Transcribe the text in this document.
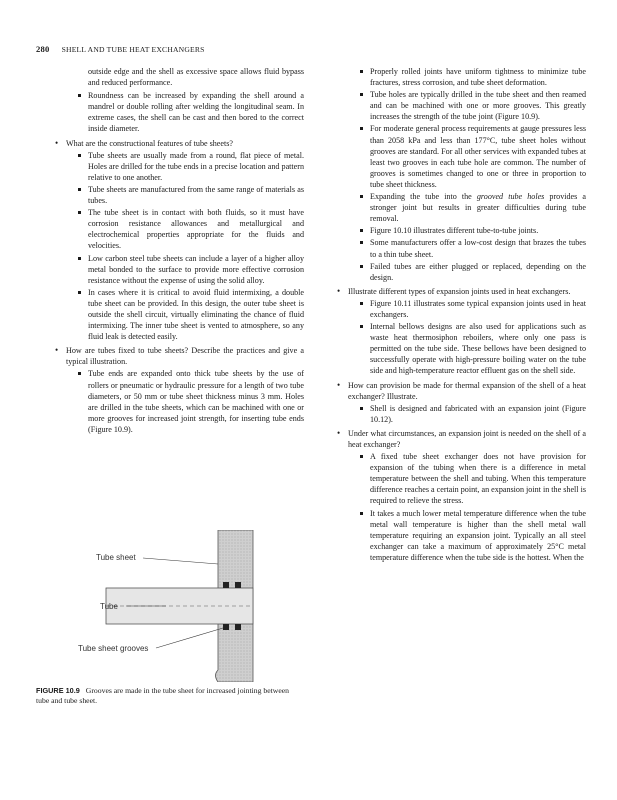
280 SHELL AND TUBE HEAT EXCHANGERS

outside edge and the shell as excessive space allows fluid bypass and reduced performance.

Roundness can be increased by expanding the shell around a mandrel or double rolling after welding the longitudinal seam. In extreme cases, the shell can be cast and then bored to the correct inside diameter.

• What are the constructional features of tube sheets?

Tube sheets are usually made from a round, flat piece of metal. Holes are drilled for the tube ends in a precise location and pattern relative to one another.

Tube sheets are manufactured from the same range of materials as tubes.

The tube sheet is in contact with both fluids, so it must have corrosion resistance allowances and metallurgical and electrochemical properties appropriate for the fluids and velocities.

Low carbon steel tube sheets can include a layer of a higher alloy metal bonded to the surface to provide more effective corrosion resistance without the expense of using the solid alloy.

In cases where it is critical to avoid fluid intermixing, a double tube sheet can be provided. In this design, the outer tube sheet is outside the shell circuit, virtually eliminating the chance of fluid intermixing. The inner tube sheet is vented to atmosphere, so any fluid leak is detected easily.

• How are tubes fixed to tube sheets? Describe the practices and give a typical illustration.

Tube ends are expanded onto thick tube sheets by the use of rollers or pneumatic or hydraulic pressure for a length of two tube diameters, or 50 mm or tube sheet thickness minus 3 mm. Holes are drilled in the tube sheets, which can be machined with one or more grooves for increased joint strength, for inserting tube ends (Figure 10.9).

Tube sheet
Tube
Tube sheet grooves
FIGURE 10.9 Grooves are made in the tube sheet for increased jointing between tube and tube sheet.

Properly rolled joints have uniform tightness to minimize tube fractures, stress corrosion, and tube sheet deformation.

Tube holes are typically drilled in the tube sheet and then reamed and can be machined with one or more grooves. This greatly increases the strength of the tube joint (Figure 10.9).

For moderate general process requirements at gauge pressures less than 2058 kPa and less than 177°C, tube sheet holes without grooves are standard. For all other services with expanded tubes at least two grooves in each tube hole are common. The number of grooves is sometimes changed to one or three in proportion to tube sheet thickness.

Expanding the tube into the grooved tube holes provides a stronger joint but results in greater difficulties during tube removal.

Figure 10.10 illustrates different tube-to-tube joints.

Some manufacturers offer a low-cost design that brazes the tubes to a thin tube sheet.

Failed tubes are either plugged or replaced, depending on the design.

• Illustrate different types of expansion joints used in heat exchangers.

Figure 10.11 illustrates some typical expansion joints used in heat exchangers.

Internal bellows designs are also used for applications such as waste heat thermosiphon reboilers, where only one pass is permitted on the tube side. These bellows have been designed to successfully operate with high-pressure boiling water on the tube side and high-temperature reactor effluent gas on the shell side.

• How can provision be made for thermal expansion of the shell of a heat exchanger? Illustrate.

Shell is designed and fabricated with an expansion joint (Figure 10.12).

• Under what circumstances, an expansion joint is needed on the shell of a heat exchanger?

A fixed tube sheet exchanger does not have provision for expansion of the tubing when there is a difference in metal temperature between the shell and tubing. When this temperature difference reaches a certain point, an expansion joint in the shell is required to relieve the stress.

It takes a much lower metal temperature difference when the tube metal wall temperature is higher than the shell metal wall temperature requiring an expansion joint. Typically an all steel exchanger can take a maximum of approximately 25°C metal temperature difference when the tube side is the hottest. When the
